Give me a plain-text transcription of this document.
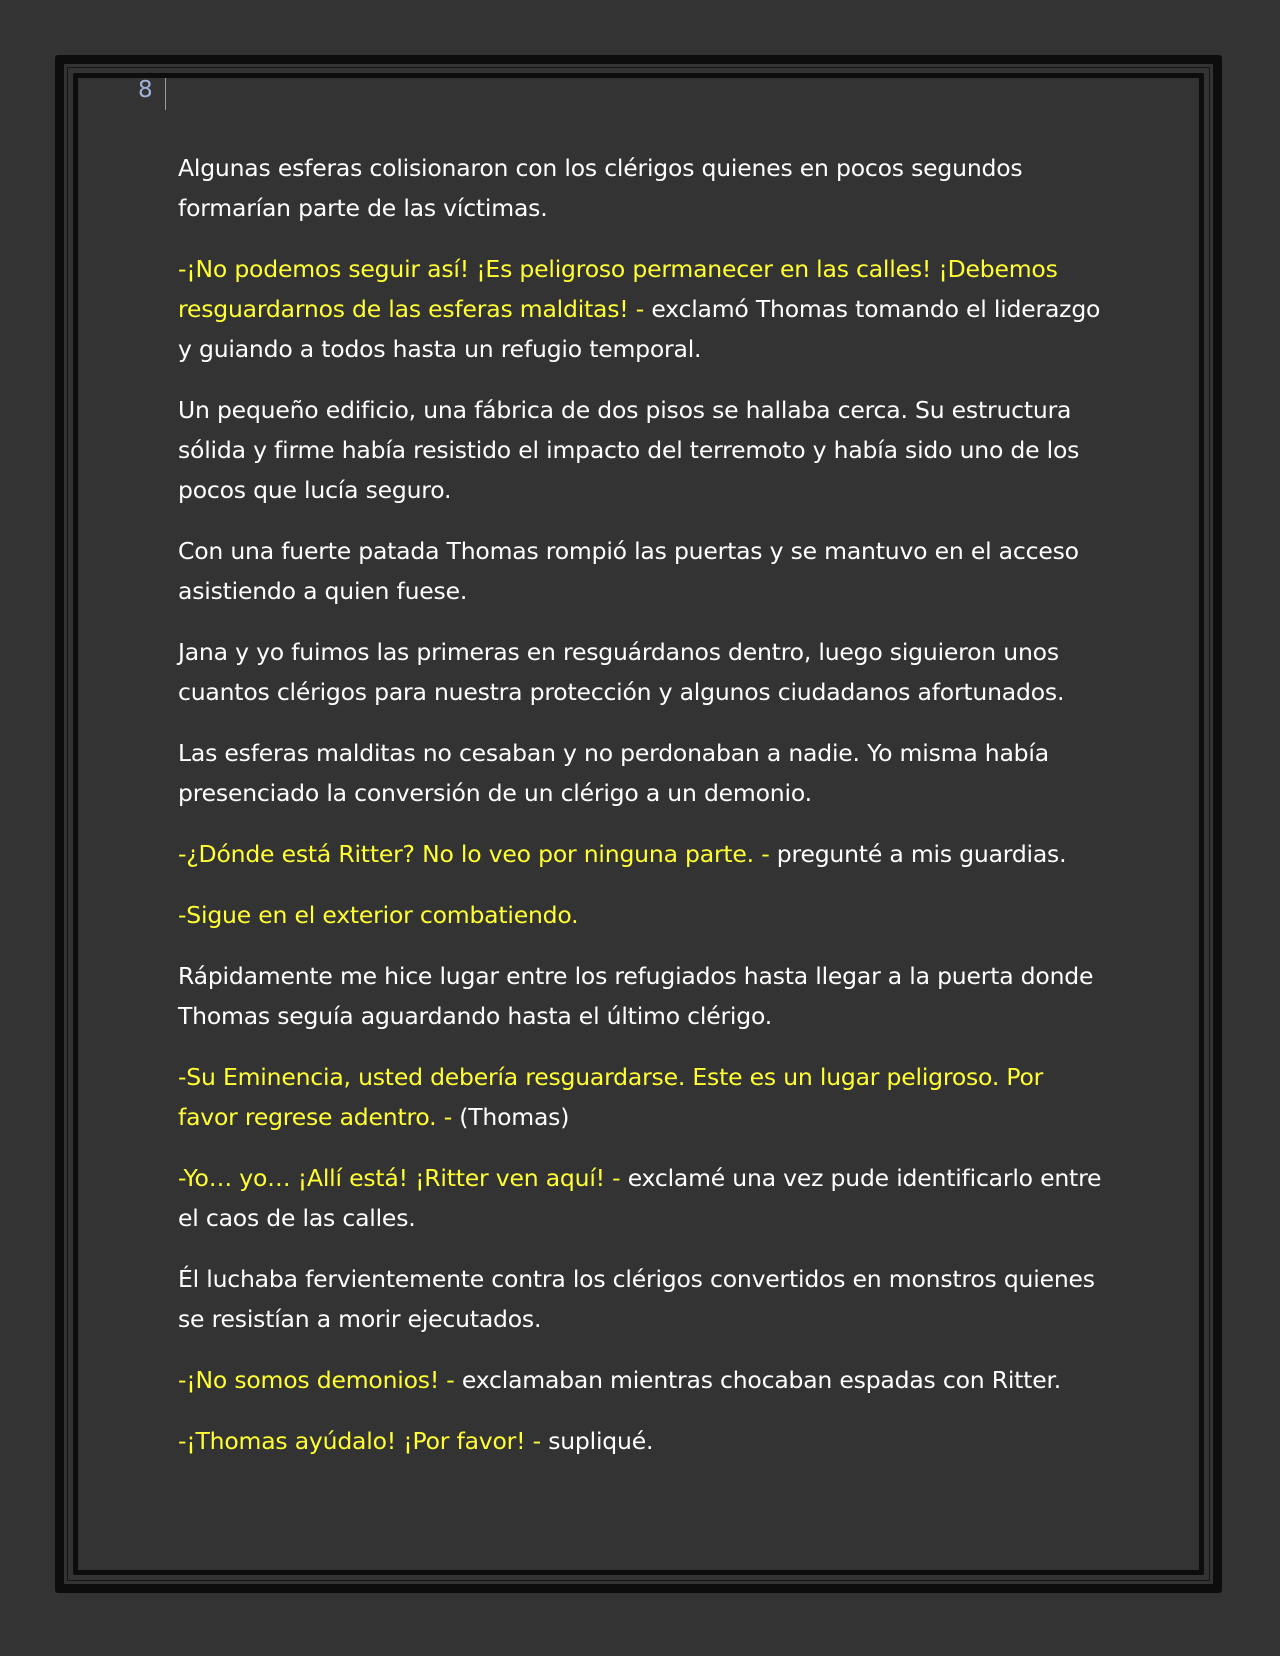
8

Algunas esferas colisionaron con los clérigos quienes en pocos segundos formarían parte de las víctimas.

-¡No podemos seguir así! ¡Es peligroso permanecer en las calles! ¡Debemos resguardarnos de las esferas malditas! - exclamó Thomas tomando el liderazgo y guiando a todos hasta un refugio temporal.

Un pequeño edificio, una fábrica de dos pisos se hallaba cerca. Su estructura sólida y firme había resistido el impacto del terremoto y había sido uno de los pocos que lucía seguro.

Con una fuerte patada Thomas rompió las puertas y se mantuvo en el acceso asistiendo a quien fuese.

Jana y yo fuimos las primeras en resguárdanos dentro, luego siguieron unos cuantos clérigos para nuestra protección y algunos ciudadanos afortunados.

Las esferas malditas no cesaban y no perdonaban a nadie. Yo misma había presenciado la conversión de un clérigo a un demonio.

-¿Dónde está Ritter? No lo veo por ninguna parte. - pregunté a mis guardias.

-Sigue en el exterior combatiendo.

Rápidamente me hice lugar entre los refugiados hasta llegar a la puerta donde Thomas seguía aguardando hasta el último clérigo.

-Su Eminencia, usted debería resguardarse. Este es un lugar peligroso. Por favor regrese adentro. - (Thomas)

-Yo… yo… ¡Allí está! ¡Ritter ven aquí! - exclamé una vez pude identificarlo entre el caos de las calles.

Él luchaba fervientemente contra los clérigos convertidos en monstros quienes se resistían a morir ejecutados.

-¡No somos demonios! - exclamaban mientras chocaban espadas con Ritter.

-¡Thomas ayúdalo! ¡Por favor! - supliqué.
